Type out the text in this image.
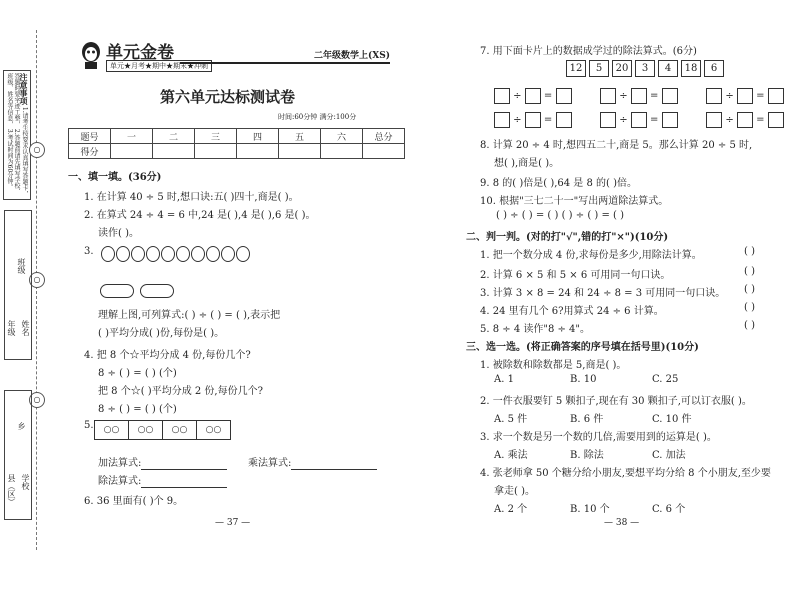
注意事项 1.请考生按要求认真填写答题卡，答题时要字迹工整， 2.答题前请先填写学校、班级、姓名等信息， 3.考试时间为60分钟。	○
○
○
班级
年级 姓名
乡
县（区） 学校
单元金卷
单元★月考★期中★期末★冲刺
二年级数学上(XS)
第六单元达标测试卷
时间:60分钟 满分:100分
题号	一	二	三	四	五	六	总分
得分							
一、填一填。(36分)
1. 在计算 40 ÷ 5 时,想口诀:五( )四十,商是( )。
2. 在算式 24 ÷ 4 = 6 中,24 是( ),4 是( ),6 是( )。
读作( )。
3.
理解上图,可列算式:( ) ÷ ( ) = ( ),表示把
( )平均分成( )份,每份是( )。
4. 把 8 个☆平均分成 4 份,每份几个?
8 ÷ ( ) = ( ) (个)
把 8 个☆( )平均分成 2 份,每份几个?
8 ÷ ( ) = ( ) (个)
5.	○○ ○○ ○○ ○○
加法算式:	乘法算式:
除法算式:
6. 36 里面有( )个 9。
— 37 —
7. 用下面卡片上的数据成学过的除法算式。(6分)
12 5 20 3 4 18 6
÷  =	÷  =	÷  =
÷  =	÷  =	÷  =
8. 计算 20 ÷ 4 时,想四五二十,商是 5。那么计算 20 ÷ 5 时,
想( ),商是( )。
9. 8 的( )倍是( ),64 是 8 的( )倍。
10. 根据"三七二十一"写出两道除法算式。
( ) ÷ ( ) = ( ) ( ) ÷ ( ) = ( )
二、判一判。(对的打"√",错的打"×")(10分)
1. 把一个数分成 4 份,求每份是多少,用除法计算。	( )
2. 计算 6 × 5 和 5 × 6 可用同一句口诀。	( )
3. 计算 3 × 8 = 24 和 24 ÷ 8 = 3 可用同一句口诀。 ( )
4. 24 里有几个 6?用算式 24 ÷ 6 计算。	( )
5. 8 ÷ 4 读作"8 ÷ 4"。	( )
三、选一选。(将正确答案的序号填在括号里)(10分)
1. 被除数和除数都是 5,商是( )。
A. 1	B. 10	C. 25
2. 一件衣服要钉 5 颗扣子,现在有 30 颗扣子,可以订衣服( )。
A. 5 件	B. 6 件	C. 10 件
3. 求一个数是另一个数的几倍,需要用到的运算是( )。
A. 乘法	B. 除法	C. 加法
4. 张老师拿 50 个糖分给小朋友,要想平均分给 8 个小朋友,至少要
拿走( )。
A. 2 个	B. 10 个	C. 6 个
— 38 —
